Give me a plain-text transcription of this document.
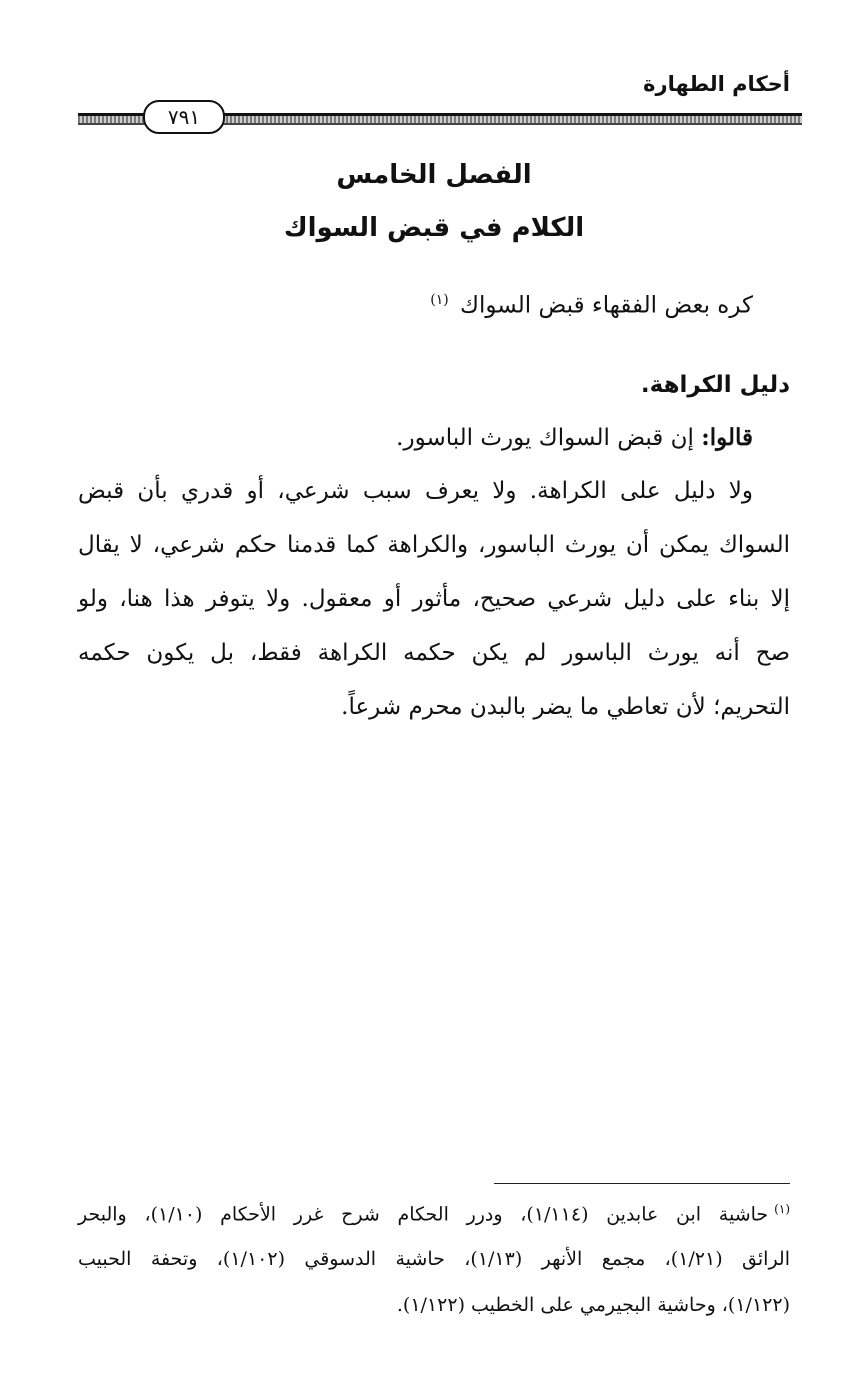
أحكام الطهارة
٧٩١
الفصل الخامس
الكلام في قبض السواك
كره بعض الفقهاء قبض السواك $^{(١)}$
دليل الكراهة.
قالوا: إن قبض السواك يورث الباسور.
ولا دليل على الكراهة. ولا يعرف سبب شرعي، أو قدري بأن قبض
السواك يمكن أن يورث الباسور، والكراهة كما قدمنا حكم شرعي، لا يقال
إلا بناء على دليل شرعي صحيح، مأثور أو معقول. ولا يتوفر هذا هنا، ولو
صح أنه يورث الباسور لم يكن حكمه الكراهة فقط، بل يكون حكمه
التحريم؛ لأن تعاطي ما يضر بالبدن محرم شرعاً.
$^{(١)}$حاشية ابن عابدين (١/١١٤)، ودرر الحكام شرح غرر الأحكام (١/١٠)، والبحر
الرائق (١/٢١)، مجمع الأنهر (١/١٣)، حاشية الدسوقي (١/١٠٢)، وتحفة الحبيب
(١/١٢٢)، وحاشية البجيرمي على الخطيب (١/١٢٢).
